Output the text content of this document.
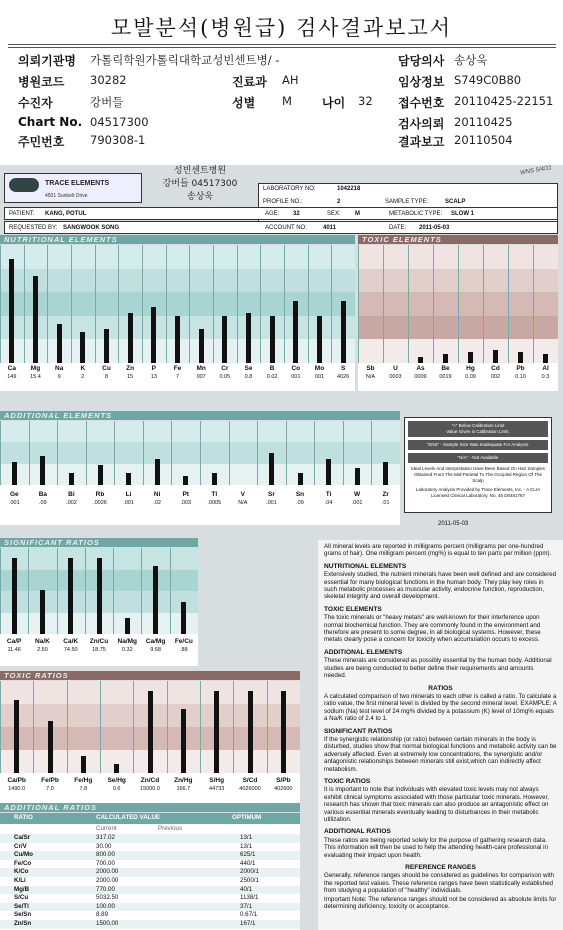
모발분석(병원급) 검사결과보고서
의뢰기관명 가톨릭학원가톨릭대학교성빈센트병/ -	담당의사 송상욱
병원코드 30282	진료과 AH	임상정보 S749C0B80
수진자	강버들	성별 M	나이 32 접수번호 20110425-22151
Chart No. 04517300	검사의뢰 20110425
주민번호 790308-1	결과보고 20110504
TRACE ELEMENTS
4501 Sunbelt Drive
성빈센트병원
강버들 04517300
송상욱
WNS 5/4/11
LABORATORY NO:	1042218
PROFILE NO.:	2	SAMPLE TYPE:	SCALP
PATIENT: KANG, POTUL	AGE: 32	SEX: M	METABOLIC TYPE: SLOW 1
REQUESTED BY: SANGWOOK SONG	ACCOUNT NO:	4011	DATE: 2011-05-03
NUTRITIONAL ELEMENTS
Ca
149
Mg
15.4
Na
9
K
2
Cu
8
Zn
15
P
13
Fe
7
Mn
007
Cr
0.05
Se
0.8
B
0.02
Co
001
Mo
001
S
4026
TOXIC ELEMENTS
Sb
N/A
U
0003
As
0009
Be
0019
Hg
0.09
Cd
002
Pb
0.10
Al
0.3
ADDITIONAL ELEMENTS
Ge
.001
Ba
.09
Bi
.002
Rb
.0026
Li
.001
Ni
.02
Pt
.003
Tl
.0005
V
N/A
Sr
.001
Sn
.09
Ti
.04
W
.001
Zr
.01
"<" Below Calibration Limit
Value Given is Calibration Limit.
"SNS" - Sample Size Was Inadequate For Analysis.
"N/A" - Not Available
Ideal Levels And Interpretation Have Been Based On Hair Samples Obtained From The Mid-Parietal To The Occipital Region Of The Scalp
Laboratory Analysis Provided by Trace Elements, Inc. - A CLIA Licensed Clinical Laboratory. No. 45 D0481787
2011-05-03
SIGNIFICANT RATIOS
Ca/P
11.46
Na/K
2.50
Ca/K
74.50
Zn/Cu
18.75
Na/Mg
0.32
Ca/Mg
9.68
Fe/Cu
.88
TOXIC RATIOS
Ca/Pb
1490.0
Fe/Pb
7.0
Fe/Hg
7.8
Se/Hg
0.6
Zn/Cd
15000.0
Zn/Hg
166.7
S/Hg
44733
S/Cd
4026000
S/Pb
402600
ADDITIONAL RATIOS
RATIO	CALCULATED VALUE	OPTIMUM
Current	Previous
Ca/Sr	317.02	13/1
Cr/V	30.00	13/1
Cu/Mo	800.00	625/1
Fe/Co	700.00	440/1
K/Co	2000.00	2000/1
K/Li	2000.00	2500/1
Mg/B	770.00	40/1
S/Cu	5032.50	1138/1
Se/Tl	100.00	37/1
Se/Sn	8.89	0.67/1
Zn/Sn	1500.00	167/1
All mineral levels are reported in milligrams percent (milligrams per one-hundred grams of hair). One milligram percent (mg%) is equal to ten parts per million (ppm).
NUTRITIONAL ELEMENTS
Extensively studied, the nutrient minerals have been well defined and are considered essential for many biological functions in the human body. They play key roles in such metabolic processes as muscular activity, endocrine function, reproduction, skeletal integrity and overall development.
TOXIC ELEMENTS
The toxic minerals or "heavy metals" are well-known for their interference upon normal biochemical function. They are commonly found in the environment and therefore are present to some degree, in all biological systems. However, these metals clearly pose a concern for toxicity when accumulation occurs to excess.
ADDITIONAL ELEMENTS
These minerals are considered as possibly essential by the human body. Additional studies are being conducted to better define their requirements and amounts needed.
RATIOS
A calculated comparison of two minerals to each other is called a ratio. To calculate a ratio value, the first mineral level is divided by the second mineral level. EXAMPLE: A sodium (Na) test level of 24 mg% divided by a potassium (K) level of 10mg% equals a Na/K ratio of 2.4 to 1.
SIGNIFICANT RATIOS
If the synergistic relationship (or ratio) between certain minerals in the body is disturbed, studies show that normal biological functions and metabolic activity can be adversely affected. Even at extremely low concentrations, the synergistic and/or antagonistic relationships between minerals still exist,which can indirectly affect metabolism.
TOXIC RATIOS
It is important to note that individuals with elevated toxic levels may not always exhibit clinical symptoms associated with those particular toxic minerals. However, research has shown that toxic minerals can also produce an antagonistic effect on various essential minerals eventually leading to disturbances in their metabolic utilization.
ADDITIONAL RATIOS
These ratios are being reported solely for the purpose of gathering research data. This information will then be used to help the attending health-care professional in evaluating their impact upon health.
REFERENCE RANGES
Generally, reference ranges should be considered as guidelines for comparison with the reported test values. These reference ranges have been statistically established from studying a population of "healthy" individuals.
Important Note: The reference ranges should not be considered as absolute limits for determining deficiency, toxicity or acceptance.
